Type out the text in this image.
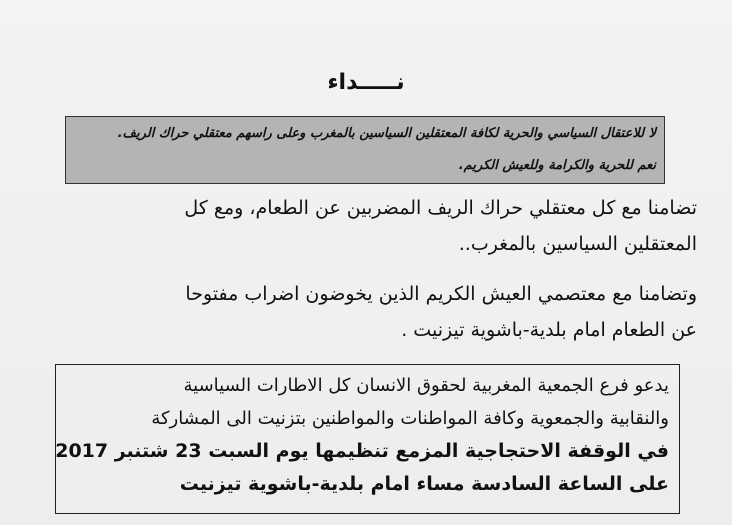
نـــــداء
لا للاعتقال السياسي والحرية لكافة المعتقلين السياسين بالمغرب وعلى راسهم معتقلي حراك الريف.
نعم للحرية والكرامة وللعيش الكريم.
تضامنا مع كل معتقلي حراك الريف المضربين عن الطعام، ومع كل
المعتقلين السياسين بالمغرب..
وتضامنا مع معتصمي العيش الكريم الذين يخوضون اضراب مفتوحا
عن الطعام امام بلدية-باشوية تيزنيت .
يدعو فرع الجمعية المغربية لحقوق الانسان كل الاطارات السياسية
والنقابية والجمعوية وكافة المواطنات والمواطنين بتزنيت الى المشاركة
في الوقفة الاحتجاجية المزمع تنظيمها يوم السبت 23 شتنبر 2017
على الساعة السادسة مساء امام بلدية-باشوية تيزنيت
